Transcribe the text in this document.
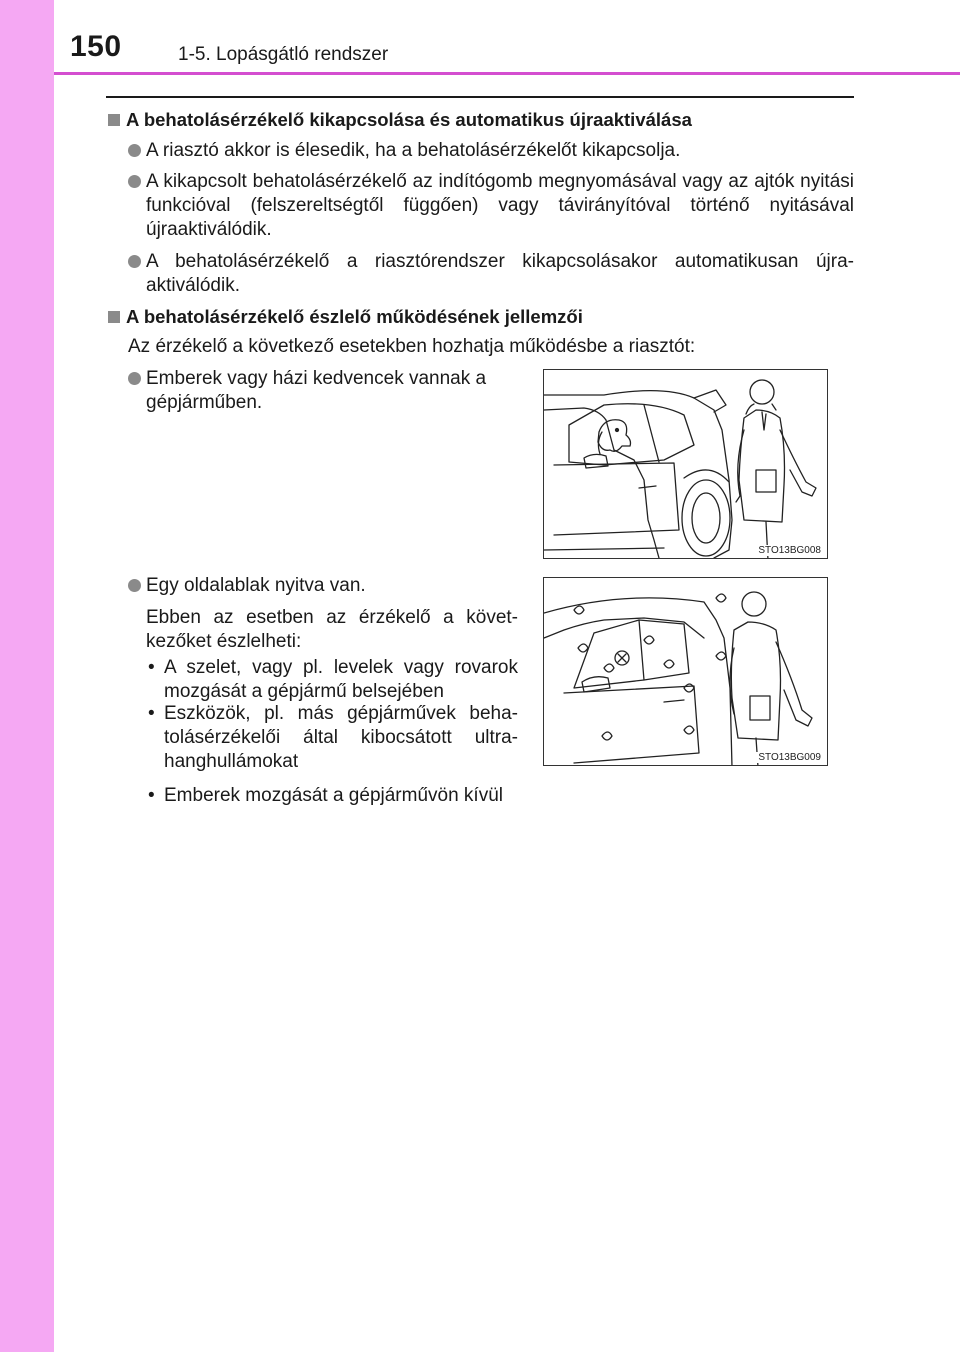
150	1-5. Lopásgátló rendszer
A behatolásérzékelő kikapcsolása és automatikus újraaktiválása
A riasztó akkor is élesedik, ha a behatolásérzékelőt kikapcsolja.
A kikapcsolt behatolásérzékelő az indítógomb megnyomásával vagy az ajtók nyitási funkcióval (felszereltségtől függően) vagy távirányítóval történő nyitásával újraaktiválódik.
A behatolásérzékelő a riasztórendszer kikapcsolásakor automatikusan újra-aktiválódik.
A behatolásérzékelő észlelő működésének jellemzői
Az érzékelő a következő esetekben hozhatja működésbe a riasztót:
Emberek vagy házi kedvencek vannak a gépjárműben.
Egy oldalablak nyitva van.
Ebben az esetben az érzékelő a követ-kezőket észlelheti:
• A szelet, vagy pl. levelek vagy rovarok mozgását a gépjármű belsejében
• Eszközök, pl. más gépjárművek beha-tolásérzékelői által kibocsátott ultra-hanghullámokat
• Emberek mozgását a gépjárművön kívül
STO13BG008
STO13BG009
